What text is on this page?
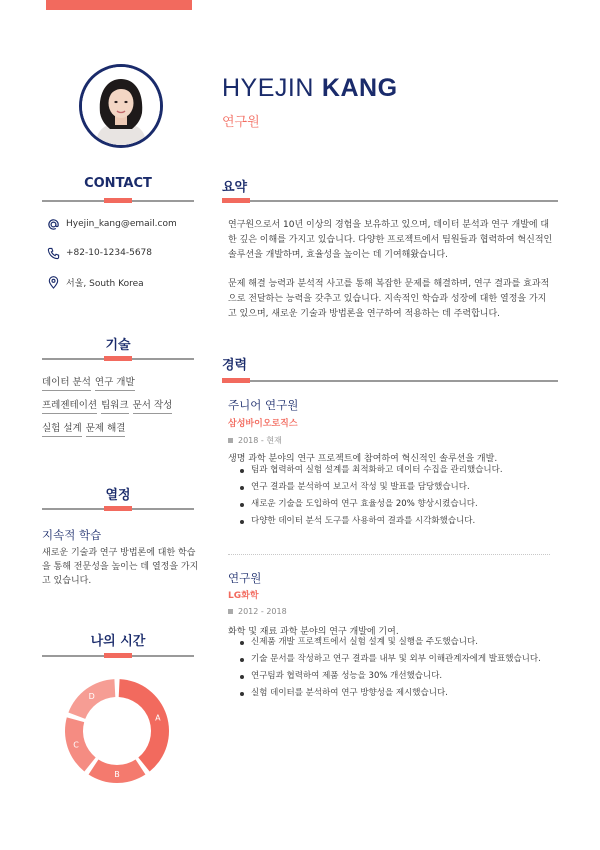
HYEJIN KANG
연구원
CONTACT
Hyejin_kang@email.com
+82-10-1234-5678
서울, South Korea
기술
데이터 분석 연구 개발
프레젠테이션 팀워크 문서 작성
실험 설계 문제 해결
열정
지속적 학습
새로운 기술과 연구 방법론에 대한 학습을 통해 전문성을 높이는 데 열정을 가지고 있습니다.
나의 시간
A
B
C
D
요약

연구원으로서 10년 이상의 경험을 보유하고 있으며, 데이터 분석과 연구 개발에 대한 깊은 이해를 가지고 있습니다. 다양한 프로젝트에서 팀원들과 협력하여 혁신적인 솔루션을 개발하며, 효율성을 높이는 데 기여해왔습니다.

문제 해결 능력과 분석적 사고를 통해 복잡한 문제를 해결하며, 연구 결과를 효과적으로 전달하는 능력을 갖추고 있습니다. 지속적인 학습과 성장에 대한 열정을 가지고 있으며, 새로운 기술과 방법론을 연구하여 적용하는 데 주력합니다.

경력
주니어 연구원
삼성바이오로직스
2018 - 현재
생명 과학 분야의 연구 프로젝트에 참여하여 혁신적인 솔루션을 개발.
팀과 협력하여 실험 설계를 최적화하고 데이터 수집을 관리했습니다.
연구 결과를 분석하여 보고서 작성 및 발표를 담당했습니다.
새로운 기술을 도입하여 연구 효율성을 20% 향상시켰습니다.
다양한 데이터 분석 도구를 사용하여 결과를 시각화했습니다.
연구원
LG화학
2012 - 2018
화학 및 재료 과학 분야의 연구 개발에 기여.
신제품 개발 프로젝트에서 실험 설계 및 실행을 주도했습니다.
기술 문서를 작성하고 연구 결과를 내부 및 외부 이해관계자에게 발표했습니다.
연구팀과 협력하여 제품 성능을 30% 개선했습니다.
실험 데이터를 분석하여 연구 방향성을 제시했습니다.
